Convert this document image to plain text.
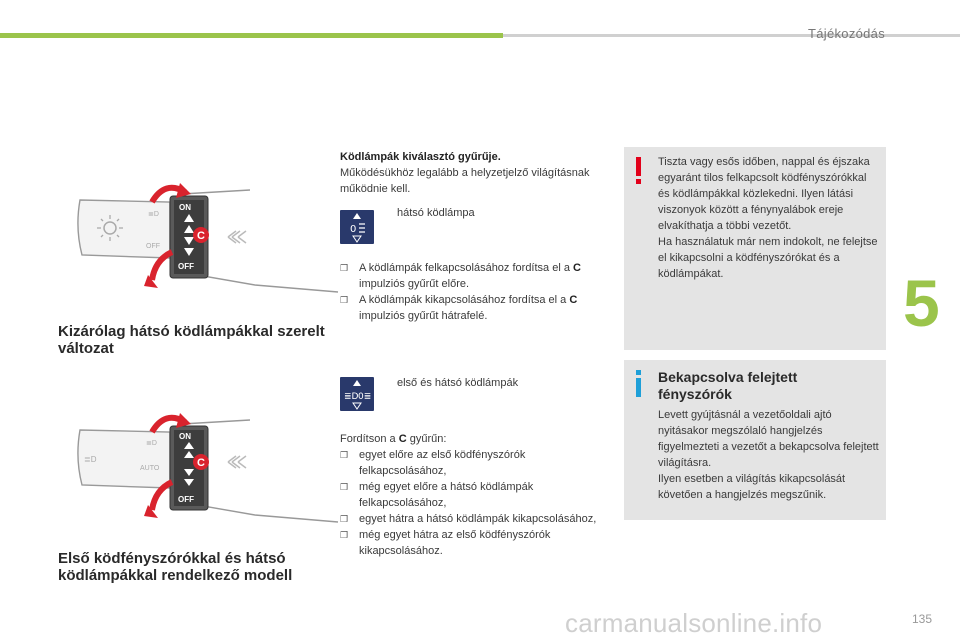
Tájékozódás
5
135
carmanualsonline.info
≣D
OFF
ON
OFF
C
Kizárólag hátsó ködlámpákkal szerelt változat
≣D
≣D
AUTO
ON
OFF
C
Első ködfényszórókkal és hátsó ködlámpákkal rendelkező modell
Ködlámpák kiválasztó gyűrűje.
Működésükhöz legalább a helyzetjelző világításnak működnie kell.
0
hátsó ködlámpa
❒ A ködlámpák felkapcsolásához fordítsa el a C impulziós gyűrűt előre.
❒ A ködlámpák kikapcsolásához fordítsa el a C impulziós gyűrűt hátrafelé.
≣D 0≣
első és hátsó ködlámpák
Fordítson a C gyűrűn:
❒ egyet előre az első ködfényszórók felkapcsolásához,
❒ még egyet előre a hátsó ködlámpák felkapcsolásához,
❒ egyet hátra a hátsó ködlámpák kikapcsolásához,
❒ még egyet hátra az első ködfényszórók kikapcsolásához.
Tiszta vagy esős időben, nappal és éjszaka egyaránt tilos felkapcsolt ködfényszórókkal és ködlámpákkal közlekedni. Ilyen látási viszonyok között a fénynyalábok ereje elvakíthatja a többi vezetőt.
Ha használatuk már nem indokolt, ne felejtse el kikapcsolni a ködfényszórókat és a ködlámpákat.
Bekapcsolva felejtett fényszórók
Levett gyújtásnál a vezetőoldali ajtó nyitásakor megszólaló hangjelzés figyelmezteti a vezetőt a bekapcsolva felejtett világításra.
Ilyen esetben a világítás kikapcsolását követően a hangjelzés megszűnik.
